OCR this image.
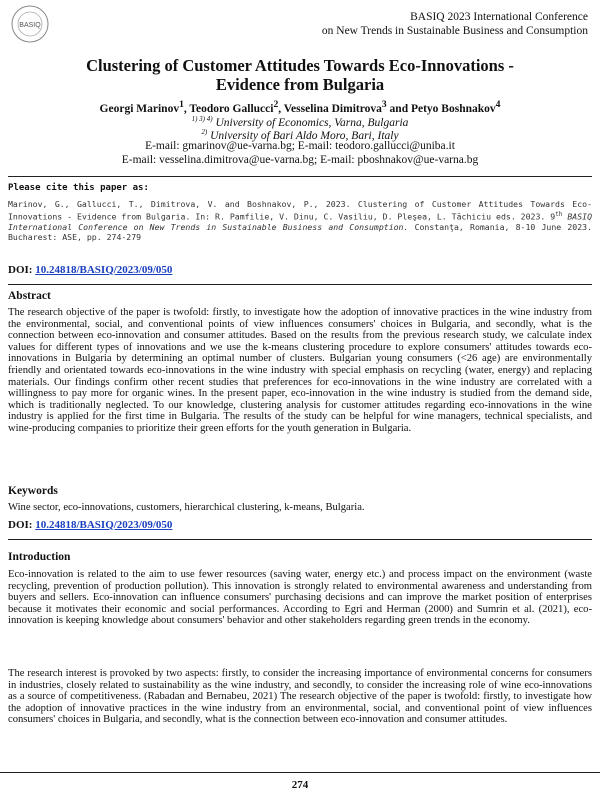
BASIQ
BASIQ 2023 International Conference
on New Trends in Sustainable Business and Consumption
Clustering of Customer Attitudes Towards Eco-Innovations -
Evidence from Bulgaria
Georgi Marinov$^1$, Teodoro Gallucci$^2$, Vesselina Dimitrova$^3$ and Petyo Boshnakov$^4$
$^{1) 3) 4)}$ University of Economics, Varna, Bulgaria
$^{2)}$ University of Bari Aldo Moro, Bari, Italy
E-mail: gmarinov@ue-varna.bg; E-mail: teodoro.gallucci@uniba.it
E-mail: vesselina.dimitrova@ue-varna.bg; E-mail: pboshnakov@ue-varna.bg
Please cite this paper as:
Marinov, G., Gallucci, T., Dimitrova, V. and Boshnakov, P., 2023. Clustering of Customer Attitudes Towards Eco-Innovations - Evidence from Bulgaria. In: R. Pamfilie, V. Dinu, C. Vasiliu, D. Pleşea, L. Tăchiciu eds. 2023. 9th BASIQ International Conference on New Trends in Sustainable Business and Consumption. Constanţa, Romania, 8-10 June 2023. Bucharest: ASE, pp. 274-279
DOI: 10.24818/BASIQ/2023/09/050
Abstract
The research objective of the paper is twofold: firstly, to investigate how the adoption of innovative practices in the wine industry from the environmental, social, and conventional points of view influences consumers' choices in Bulgaria, and secondly, what is the connection between eco-innovation and consumer attitudes. Based on the results from the previous research study, we calculate index values for different types of innovations and we use the k-means clustering procedure to explore consumers' attitudes towards eco-innovations in Bulgaria by determining an optimal number of clusters. Bulgarian young consumers (<26 age) are environmentally friendly and orientated towards eco-innovations in the wine industry with special emphasis on recycling (water, energy) and replacing materials. Our findings confirm other recent studies that preferences for eco-innovations in the wine industry are correlated with a willingness to pay more for organic wines. In the present paper, eco-innovation in the wine industry is studied from the demand side, which is traditionally neglected. To our knowledge, clustering analysis for customer attitudes regarding eco-innovations in the wine industry is applied for the first time in Bulgaria. The results of the study can be helpful for wine managers, technical specialists, and wine-producing companies to prioritize their green efforts for the youth generation in Bulgaria.
Keywords
Wine sector, eco-innovations, customers, hierarchical clustering, k-means, Bulgaria.
DOI: 10.24818/BASIQ/2023/09/050
Introduction
Eco-innovation is related to the aim to use fewer resources (saving water, energy etc.) and process impact on the environment (waste recycling, prevention of production pollution). This innovation is strongly related to environmental awareness and understanding from buyers and sellers. Eco-innovation can influence consumers' purchasing decisions and can improve the market position of enterprises because it motivates their economic and social performances. According to Egri and Herman (2000) and Sumrin et al. (2021), eco-innovation is keeping knowledge about consumers' behavior and other stakeholders regarding green trends in the economy.
The research interest is provoked by two aspects: firstly, to consider the increasing importance of environmental concerns for consumers in industries, closely related to sustainability as the wine industry, and secondly, to consider the increasing role of wine eco-innovations as a source of competitiveness. (Rabadan and Bernabeu, 2021) The research objective of the paper is twofold: firstly, to investigate how the adoption of innovative practices in the wine industry from an environmental, social, and conventional point of view influences consumers' choices in Bulgaria, and secondly, what is the connection between eco-innovation and consumer attitudes.
274
